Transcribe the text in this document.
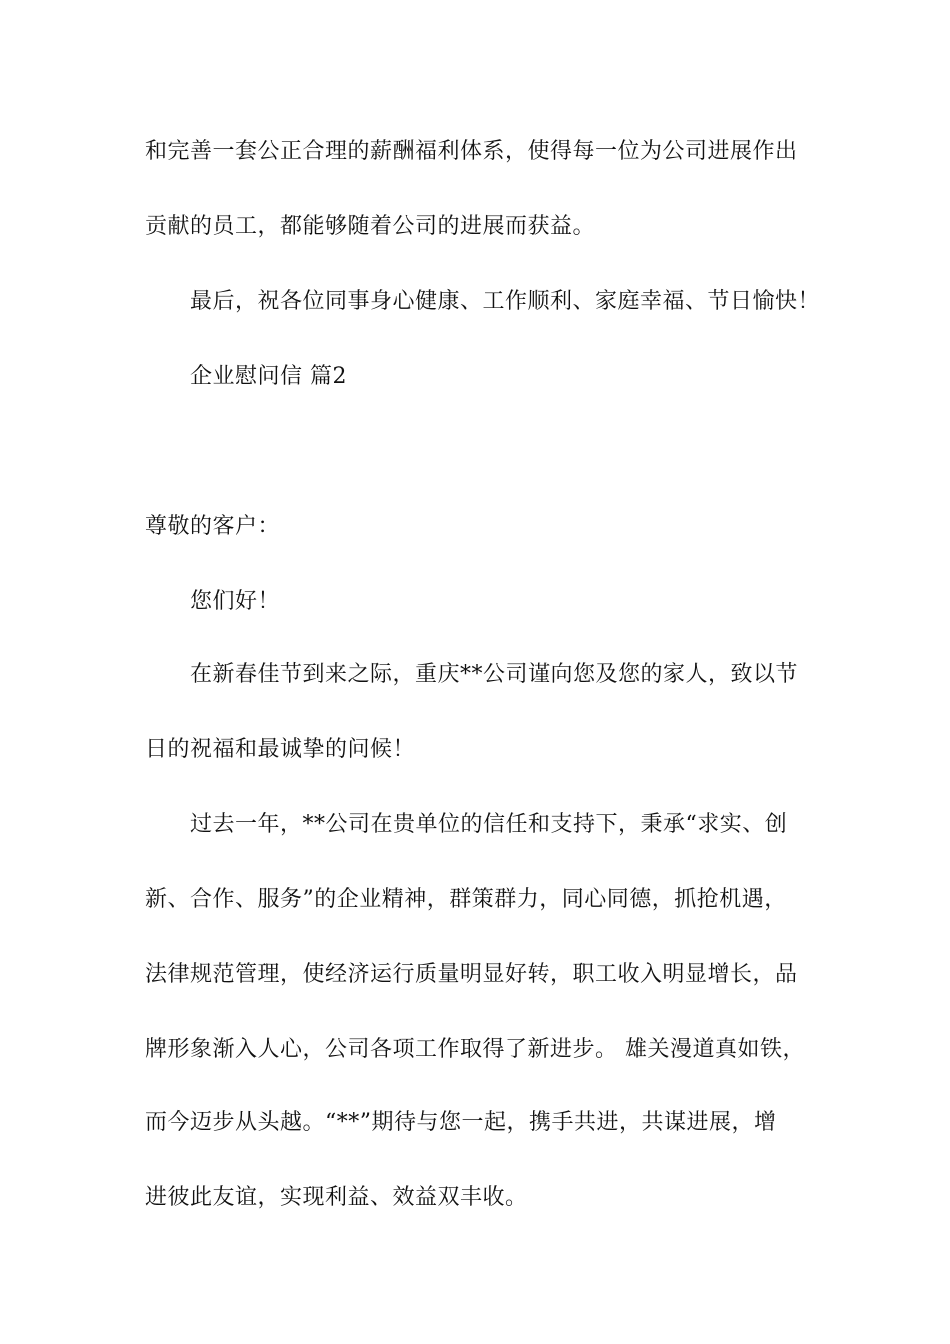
和完善一套公正合理的薪酬福利体系，使得每一位为公司进展作出
贡献的员工，都能够随着公司的进展而获益。
最后，祝各位同事身心健康、工作顺利、家庭幸福、节日愉快！
企业慰问信 篇2
尊敬的客户：
您们好！
在新春佳节到来之际，重庆**公司谨向您及您的家人，致以节
日的祝福和最诚挚的问候！
过去一年，**公司在贵单位的信任和支持下，秉承“求实、创
新、合作、服务”的企业精神，群策群力，同心同德，抓抢机遇，
法律规范管理，使经济运行质量明显好转，职工收入明显增长，品
牌形象渐入人心，公司各项工作取得了新进步。 雄关漫道真如铁，
而今迈步从头越。“**”期待与您一起，携手共进，共谋进展，增
进彼此友谊，实现利益、效益双丰收。
